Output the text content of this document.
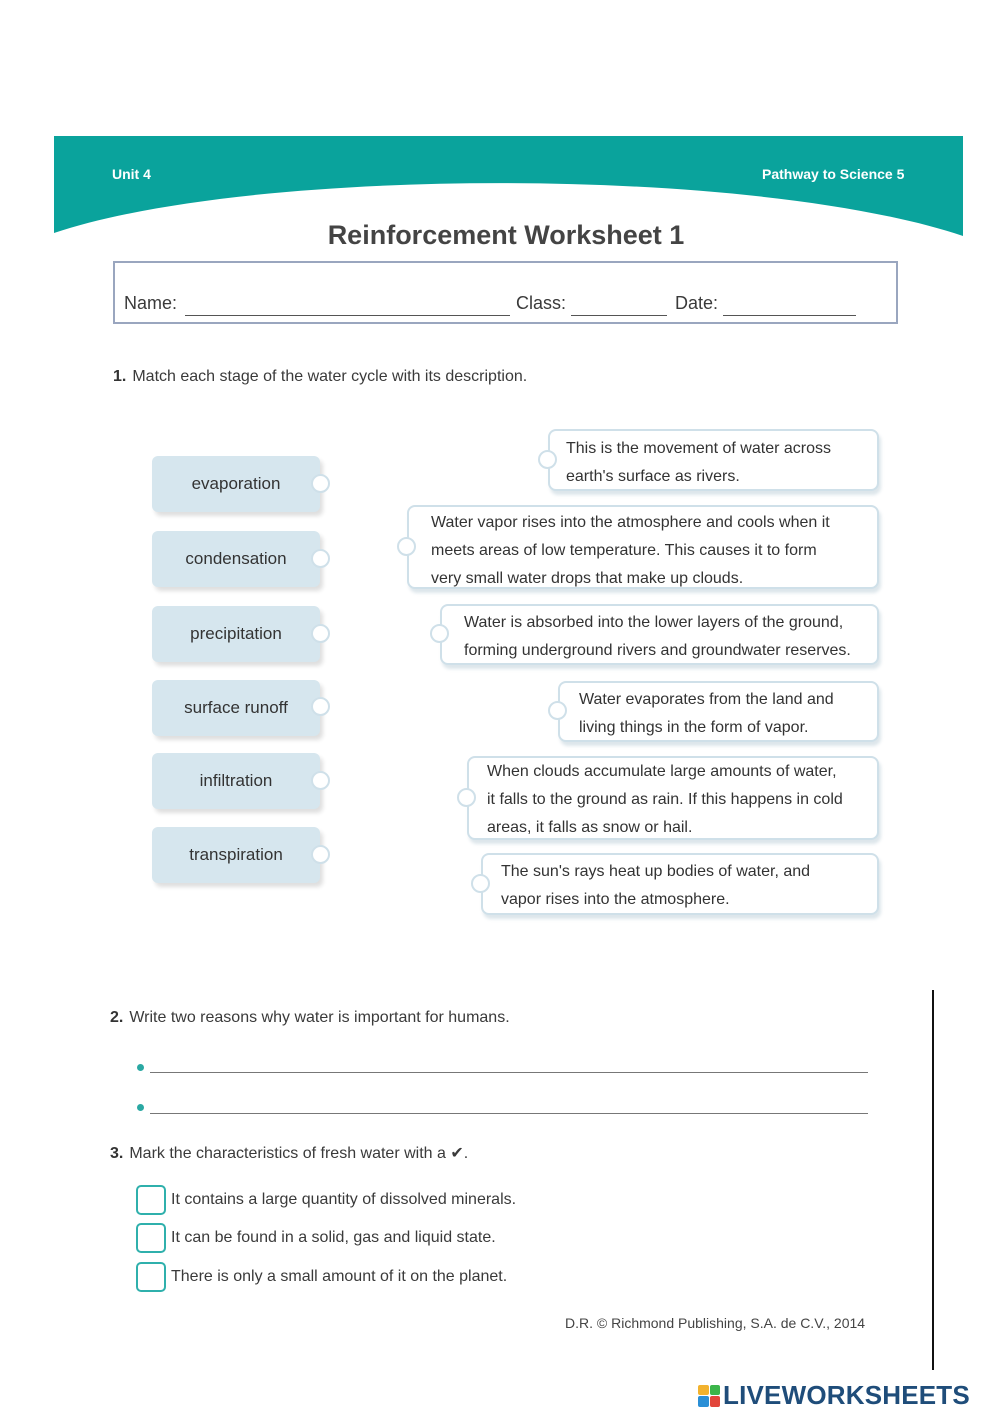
Unit 4	Pathway to Science 5
Reinforcement Worksheet 1
Name:	Class:	Date:
1. Match each stage of the water cycle with its description.
evaporation
condensation
precipitation
surface runoff
infiltration
transpiration
This is the movement of water across
earth's surface as rivers.
Water vapor rises into the atmosphere and cools when it
meets areas of low temperature. This causes it to form
very small water drops that make up clouds.
Water is absorbed into the lower layers of the ground,
forming underground rivers and groundwater reserves.
Water evaporates from the land and
living things in the form of vapor.
When clouds accumulate large amounts of water,
it falls to the ground as rain. If this happens in cold
areas, it falls as snow or hail.
The sun's rays heat up bodies of water, and
vapor rises into the atmosphere.
2. Write two reasons why water is important for humans.
3. Mark the characteristics of fresh water with a ✔.
It contains a large quantity of dissolved minerals.
It can be found in a solid, gas and liquid state.
There is only a small amount of it on the planet.
D.R. © Richmond Publishing, S.A. de C.V., 2014
LIVEWORKSHEETS
